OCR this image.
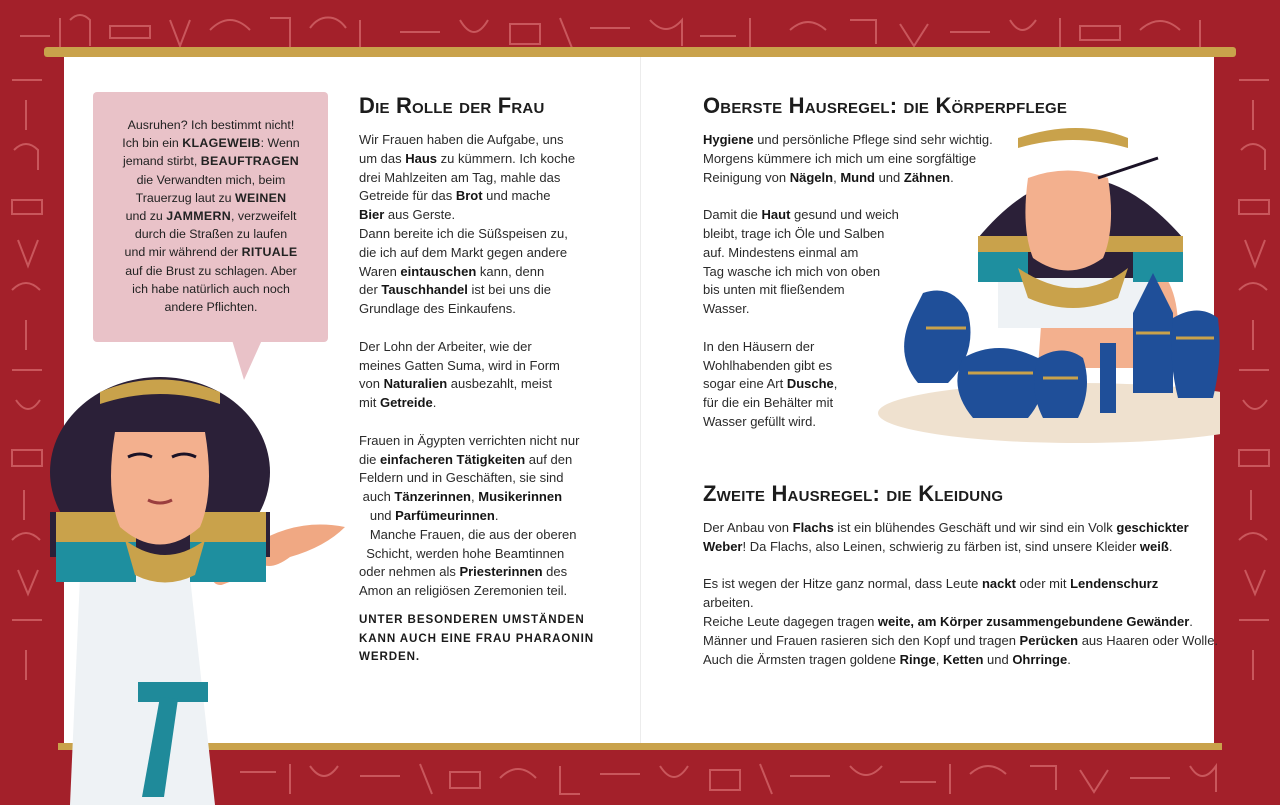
Ausruhen? Ich bestimmt nicht!
Ich bin ein KLAGEWEIB: Wenn
jemand stirbt, BEAUFTRAGEN
die Verwandten mich, beim
Trauerzug laut zu WEINEN
und zu JAMMERN, verzweifelt
durch die Straßen zu laufen
und mir während der RITUALE
auf die Brust zu schlagen. Aber
ich habe natürlich auch noch
andere Pflichten.
Die Rolle der Frau

Wir Frauen haben die Aufgabe, uns
um das Haus zu kümmern. Ich koche
drei Mahlzeiten am Tag, mahle das
Getreide für das Brot und mache
Bier aus Gerste.
Dann bereite ich die Süßspeisen zu,
die ich auf dem Markt gegen andere
Waren eintauschen kann, denn
der Tauschhandel ist bei uns die
Grundlage des Einkaufens.

Der Lohn der Arbeiter, wie der
meines Gatten Suma, wird in Form
von Naturalien ausbezahlt, meist
mit Getreide.

Frauen in Ägypten verrichten nicht nur
die einfacheren Tätigkeiten auf den
Feldern und in Geschäften, sie sind
auch Tänzerinnen, Musikerinnen
und Parfümeurinnen.
Manche Frauen, die aus der oberen
Schicht, werden hohe Beamtinnen
oder nehmen als Priesterinnen des
Amon an religiösen Zeremonien teil.

UNTER BESONDEREN UMSTÄNDEN
KANN AUCH EINE FRAU PHARAONIN
WERDEN.
Oberste Hausregel: die Körperpflege

Hygiene und persönliche Pflege sind sehr wichtig.
Morgens kümmere ich mich um eine sorgfältige
Reinigung von Nägeln, Mund und Zähnen.

Damit die Haut gesund und weich
bleibt, trage ich Öle und Salben
auf. Mindestens einmal am
Tag wasche ich mich von oben
bis unten mit fließendem
Wasser.

In den Häusern der
Wohlhabenden gibt es
sogar eine Art Dusche,
für die ein Behälter mit
Wasser gefüllt wird.

Zweite Hausregel: die Kleidung

Der Anbau von Flachs ist ein blühendes Geschäft und wir sind ein Volk geschickter
Weber! Da Flachs, also Leinen, schwierig zu färben ist, sind unsere Kleider weiß.

Es ist wegen der Hitze ganz normal, dass Leute nackt oder mit Lendenschurz
arbeiten.
Reiche Leute dagegen tragen weite, am Körper zusammengebundene Gewänder.
Männer und Frauen rasieren sich den Kopf und tragen Perücken aus Haaren oder Wolle.
Auch die Ärmsten tragen goldene Ringe, Ketten und Ohrringe.
